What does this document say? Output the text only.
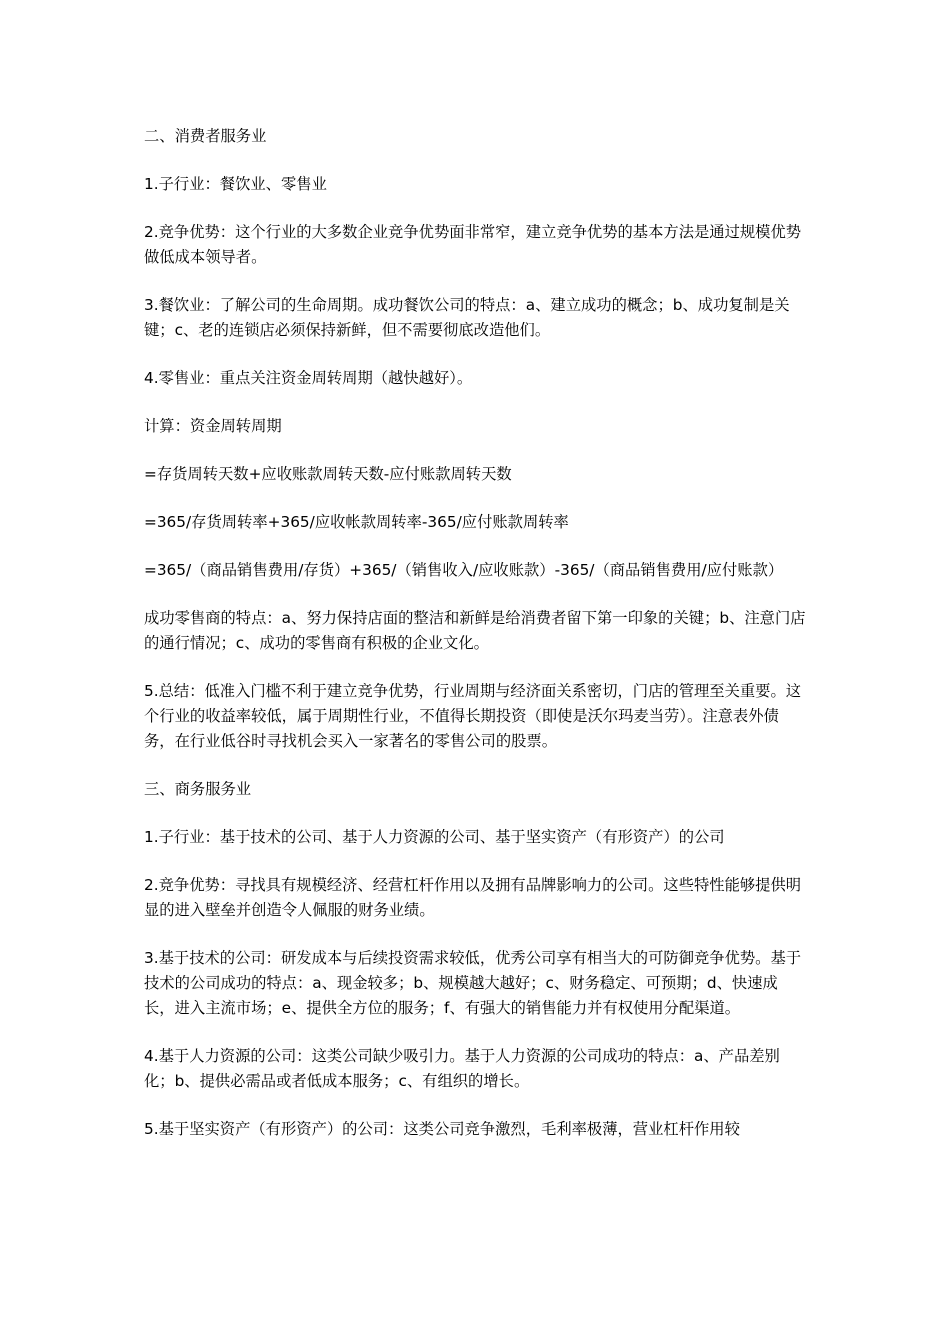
二、消费者服务业

1.子行业：餐饮业、零售业

2.竞争优势：这个行业的大多数企业竞争优势面非常窄，建立竞争优势的基本方法是通过规模优势做低成本领导者。

3.餐饮业：了解公司的生命周期。成功餐饮公司的特点：a、建立成功的概念；b、成功复制是关键；c、老的连锁店必须保持新鲜，但不需要彻底改造他们。

4.零售业：重点关注资金周转周期（越快越好）。

计算：资金周转周期

=存货周转天数+应收账款周转天数-应付账款周转天数

=365/存货周转率+365/应收帐款周转率-365/应付账款周转率

=365/（商品销售费用/存货）+365/（销售收入/应收账款）-365/（商品销售费用/应付账款）

成功零售商的特点：a、努力保持店面的整洁和新鲜是给消费者留下第一印象的关键；b、注意门店的通行情况；c、成功的零售商有积极的企业文化。

5.总结：低准入门槛不利于建立竞争优势，行业周期与经济面关系密切，门店的管理至关重要。这个行业的收益率较低，属于周期性行业，不值得长期投资（即使是沃尔玛麦当劳）。注意表外债务，在行业低谷时寻找机会买入一家著名的零售公司的股票。

三、商务服务业

1.子行业：基于技术的公司、基于人力资源的公司、基于坚实资产（有形资产）的公司

2.竞争优势：寻找具有规模经济、经营杠杆作用以及拥有品牌影响力的公司。这些特性能够提供明显的进入壁垒并创造令人佩服的财务业绩。

3.基于技术的公司：研发成本与后续投资需求较低，优秀公司享有相当大的可防御竞争优势。基于技术的公司成功的特点：a、现金较多；b、规模越大越好；c、财务稳定、可预期；d、快速成长，进入主流市场；e、提供全方位的服务；f、有强大的销售能力并有权使用分配渠道。

4.基于人力资源的公司：这类公司缺少吸引力。基于人力资源的公司成功的特点：a、产品差别化；b、提供必需品或者低成本服务；c、有组织的增长。

5.基于坚实资产（有形资产）的公司：这类公司竞争激烈，毛利率极薄，营业杠杆作用较
